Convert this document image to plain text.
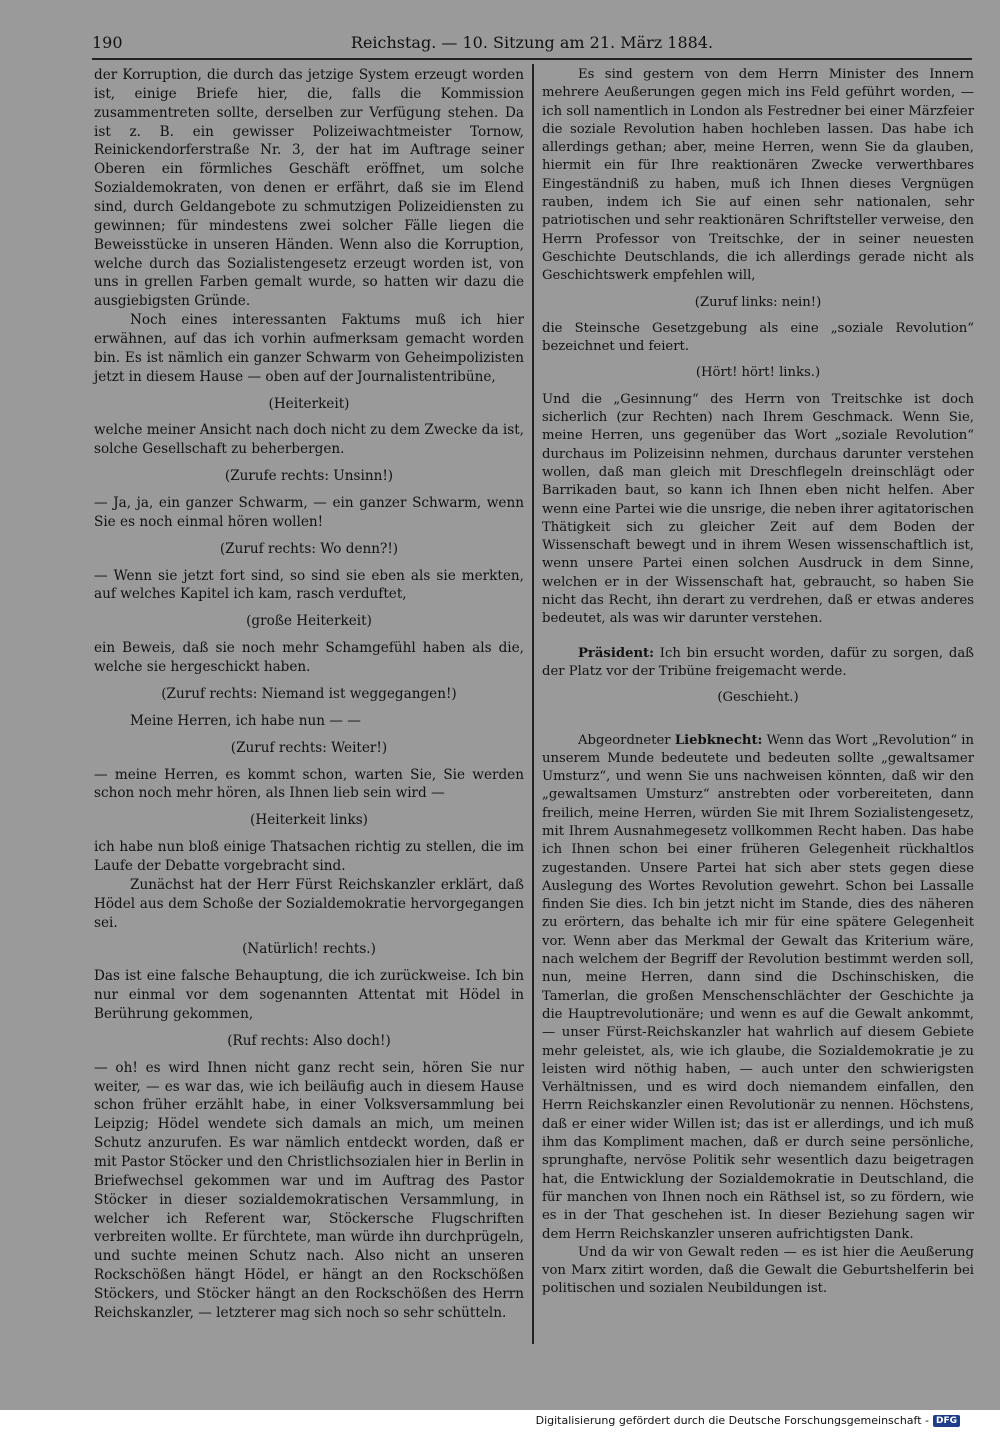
190	Reichstag. — 10. Sitzung am 21. März 1884.

der Korruption, die durch das jetzige System erzeugt worden ist, einige Briefe hier, die, falls die Kommission zusammentreten sollte, derselben zur Verfügung stehen. Da ist z. B. ein gewisser Polizeiwachtmeister Tornow, Reinickendorferstraße Nr. 3, der hat im Auftrage seiner Oberen ein förmliches Geschäft eröffnet, um solche Sozialdemokraten, von denen er erfährt, daß sie im Elend sind, durch Geldangebote zu schmutzigen Polizeidiensten zu gewinnen; für mindestens zwei solcher Fälle liegen die Beweisstücke in unseren Händen. Wenn also die Korruption, welche durch das Sozialistengesetz erzeugt worden ist, von uns in grellen Farben gemalt wurde, so hatten wir dazu die ausgiebigsten Gründe.

Noch eines interessanten Faktums muß ich hier erwähnen, auf das ich vorhin aufmerksam gemacht worden bin. Es ist nämlich ein ganzer Schwarm von Geheimpolizisten jetzt in diesem Hause — oben auf der Journalistentribüne,

(Heiterkeit)

welche meiner Ansicht nach doch nicht zu dem Zwecke da ist, solche Gesellschaft zu beherbergen.

(Zurufe rechts: Unsinn!)

— Ja, ja, ein ganzer Schwarm, — ein ganzer Schwarm, wenn Sie es noch einmal hören wollen!

(Zuruf rechts: Wo denn?!)

— Wenn sie jetzt fort sind, so sind sie eben als sie merkten, auf welches Kapitel ich kam, rasch verduftet,

(große Heiterkeit)

ein Beweis, daß sie noch mehr Schamgefühl haben als die, welche sie hergeschickt haben.

(Zuruf rechts: Niemand ist weggegangen!)

Meine Herren, ich habe nun — —

(Zuruf rechts: Weiter!)

— meine Herren, es kommt schon, warten Sie, Sie werden schon noch mehr hören, als Ihnen lieb sein wird —

(Heiterkeit links)

ich habe nun bloß einige Thatsachen richtig zu stellen, die im Laufe der Debatte vorgebracht sind.

Zunächst hat der Herr Fürst Reichskanzler erklärt, daß Hödel aus dem Schoße der Sozialdemokratie hervorgegangen sei.

(Natürlich! rechts.)

Das ist eine falsche Behauptung, die ich zurückweise. Ich bin nur einmal vor dem sogenannten Attentat mit Hödel in Berührung gekommen,

(Ruf rechts: Also doch!)

— oh! es wird Ihnen nicht ganz recht sein, hören Sie nur weiter, — es war das, wie ich beiläufig auch in diesem Hause schon früher erzählt habe, in einer Volksversammlung bei Leipzig; Hödel wendete sich damals an mich, um meinen Schutz anzurufen. Es war nämlich entdeckt worden, daß er mit Pastor Stöcker und den Christlichsozialen hier in Berlin in Briefwechsel gekommen war und im Auftrag des Pastor Stöcker in dieser sozialdemokratischen Versammlung, in welcher ich Referent war, Stöckersche Flugschriften verbreiten wollte. Er fürchtete, man würde ihn durchprügeln, und suchte meinen Schutz nach. Also nicht an unseren Rockschößen hängt Hödel, er hängt an den Rockschößen Stöckers, und Stöcker hängt an den Rockschößen des Herrn Reichskanzler, — letzterer mag sich noch so sehr schütteln.

Es sind gestern von dem Herrn Minister des Innern mehrere Aeußerungen gegen mich ins Feld geführt worden, — ich soll namentlich in London als Festredner bei einer Märzfeier die soziale Revolution haben hochleben lassen. Das habe ich allerdings gethan; aber, meine Herren, wenn Sie da glauben, hiermit ein für Ihre reaktionären Zwecke verwerthbares Eingeständniß zu haben, muß ich Ihnen dieses Vergnügen rauben, indem ich Sie auf einen sehr nationalen, sehr patriotischen und sehr reaktionären Schriftsteller verweise, den Herrn Professor von Treitschke, der in seiner neuesten Geschichte Deutschlands, die ich allerdings gerade nicht als Geschichtswerk empfehlen will,

(Zuruf links: nein!)

die Steinsche Gesetzgebung als eine „soziale Revolution“ bezeichnet und feiert.

(Hört! hört! links.)

Und die „Gesinnung“ des Herrn von Treitschke ist doch sicherlich (zur Rechten) nach Ihrem Geschmack. Wenn Sie, meine Herren, uns gegenüber das Wort „soziale Revolution“ durchaus im Polizeisinn nehmen, durchaus darunter verstehen wollen, daß man gleich mit Dreschflegeln dreinschlägt oder Barrikaden baut, so kann ich Ihnen eben nicht helfen. Aber wenn eine Partei wie die unsrige, die neben ihrer agitatorischen Thätigkeit sich zu gleicher Zeit auf dem Boden der Wissenschaft bewegt und in ihrem Wesen wissenschaftlich ist, wenn unsere Partei einen solchen Ausdruck in dem Sinne, welchen er in der Wissenschaft hat, gebraucht, so haben Sie nicht das Recht, ihn derart zu verdrehen, daß er etwas anderes bedeutet, als was wir darunter verstehen.

Präsident: Ich bin ersucht worden, dafür zu sorgen, daß der Platz vor der Tribüne freigemacht werde.

(Geschieht.)

Abgeordneter Liebknecht: Wenn das Wort „Revolution“ in unserem Munde bedeutete und bedeuten sollte „gewaltsamer Umsturz“, und wenn Sie uns nachweisen könnten, daß wir den „gewaltsamen Umsturz“ anstrebten oder vorbereiteten, dann freilich, meine Herren, würden Sie mit Ihrem Sozialistengesetz, mit Ihrem Ausnahmegesetz vollkommen Recht haben. Das habe ich Ihnen schon bei einer früheren Gelegenheit rückhaltlos zugestanden. Unsere Partei hat sich aber stets gegen diese Auslegung des Wortes Revolution gewehrt. Schon bei Lassalle finden Sie dies. Ich bin jetzt nicht im Stande, dies des näheren zu erörtern, das behalte ich mir für eine spätere Gelegenheit vor. Wenn aber das Merkmal der Gewalt das Kriterium wäre, nach welchem der Begriff der Revolution bestimmt werden soll, nun, meine Herren, dann sind die Dschinschisken, die Tamerlan, die großen Menschenschlächter der Geschichte ja die Hauptrevolutionäre; und wenn es auf die Gewalt ankommt, — unser Fürst-Reichskanzler hat wahrlich auf diesem Gebiete mehr geleistet, als, wie ich glaube, die Sozialdemokratie je zu leisten wird nöthig haben, — auch unter den schwierigsten Verhältnissen, und es wird doch niemandem einfallen, den Herrn Reichskanzler einen Revolutionär zu nennen. Höchstens, daß er einer wider Willen ist; das ist er allerdings, und ich muß ihm das Kompliment machen, daß er durch seine persönliche, sprunghafte, nervöse Politik sehr wesentlich dazu beigetragen hat, die Entwicklung der Sozialdemokratie in Deutschland, die für manchen von Ihnen noch ein Räthsel ist, so zu fördern, wie es in der That geschehen ist. In dieser Beziehung sagen wir dem Herrn Reichskanzler unseren aufrichtigsten Dank.

Und da wir von Gewalt reden — es ist hier die Aeußerung von Marx zitirt worden, daß die Gewalt die Geburtshelferin bei politischen und sozialen Neubildungen ist.

Digitalisierung gefördert durch die Deutsche Forschungsgemeinschaft - DFG
